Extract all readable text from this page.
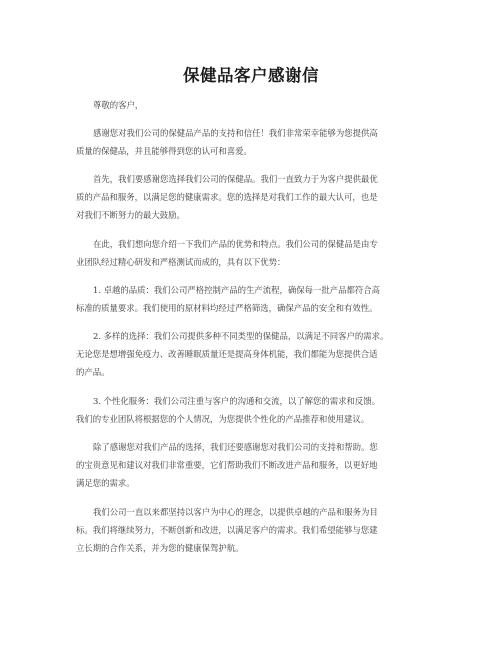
保健品客户感谢信
尊敬的客户，
感谢您对我们公司的保健品产品的支持和信任！我们非常荣幸能够为您提供高
质量的保健品，并且能够得到您的认可和喜爱。
首先，我们要感谢您选择我们公司的保健品。我们一直致力于为客户提供最优
质的产品和服务，以满足您的健康需求。您的选择是对我们工作的最大认可，也是
对我们不断努力的最大鼓励。
在此，我们想向您介绍一下我们产品的优势和特点。我们公司的保健品是由专
业团队经过精心研发和严格测试而成的，具有以下优势：
1. 卓越的品质：我们公司严格控制产品的生产流程，确保每一批产品都符合高
标准的质量要求。我们使用的原材料均经过严格筛选，确保产品的安全和有效性。
2. 多样的选择：我们公司提供多种不同类型的保健品，以满足不同客户的需求。
无论您是想增强免疫力、改善睡眠质量还是提高身体机能，我们都能为您提供合适
的产品。
3. 个性化服务：我们公司注重与客户的沟通和交流，以了解您的需求和反馈。
我们的专业团队将根据您的个人情况，为您提供个性化的产品推荐和使用建议。
除了感谢您对我们产品的选择，我们还要感谢您对我们公司的支持和帮助。您
的宝贵意见和建议对我们非常重要，它们帮助我们不断改进产品和服务，以更好地
满足您的需求。
我们公司一直以来都坚持以客户为中心的理念，以提供卓越的产品和服务为目
标。我们将继续努力，不断创新和改进，以满足客户的需求。我们希望能够与您建
立长期的合作关系，并为您的健康保驾护航。
